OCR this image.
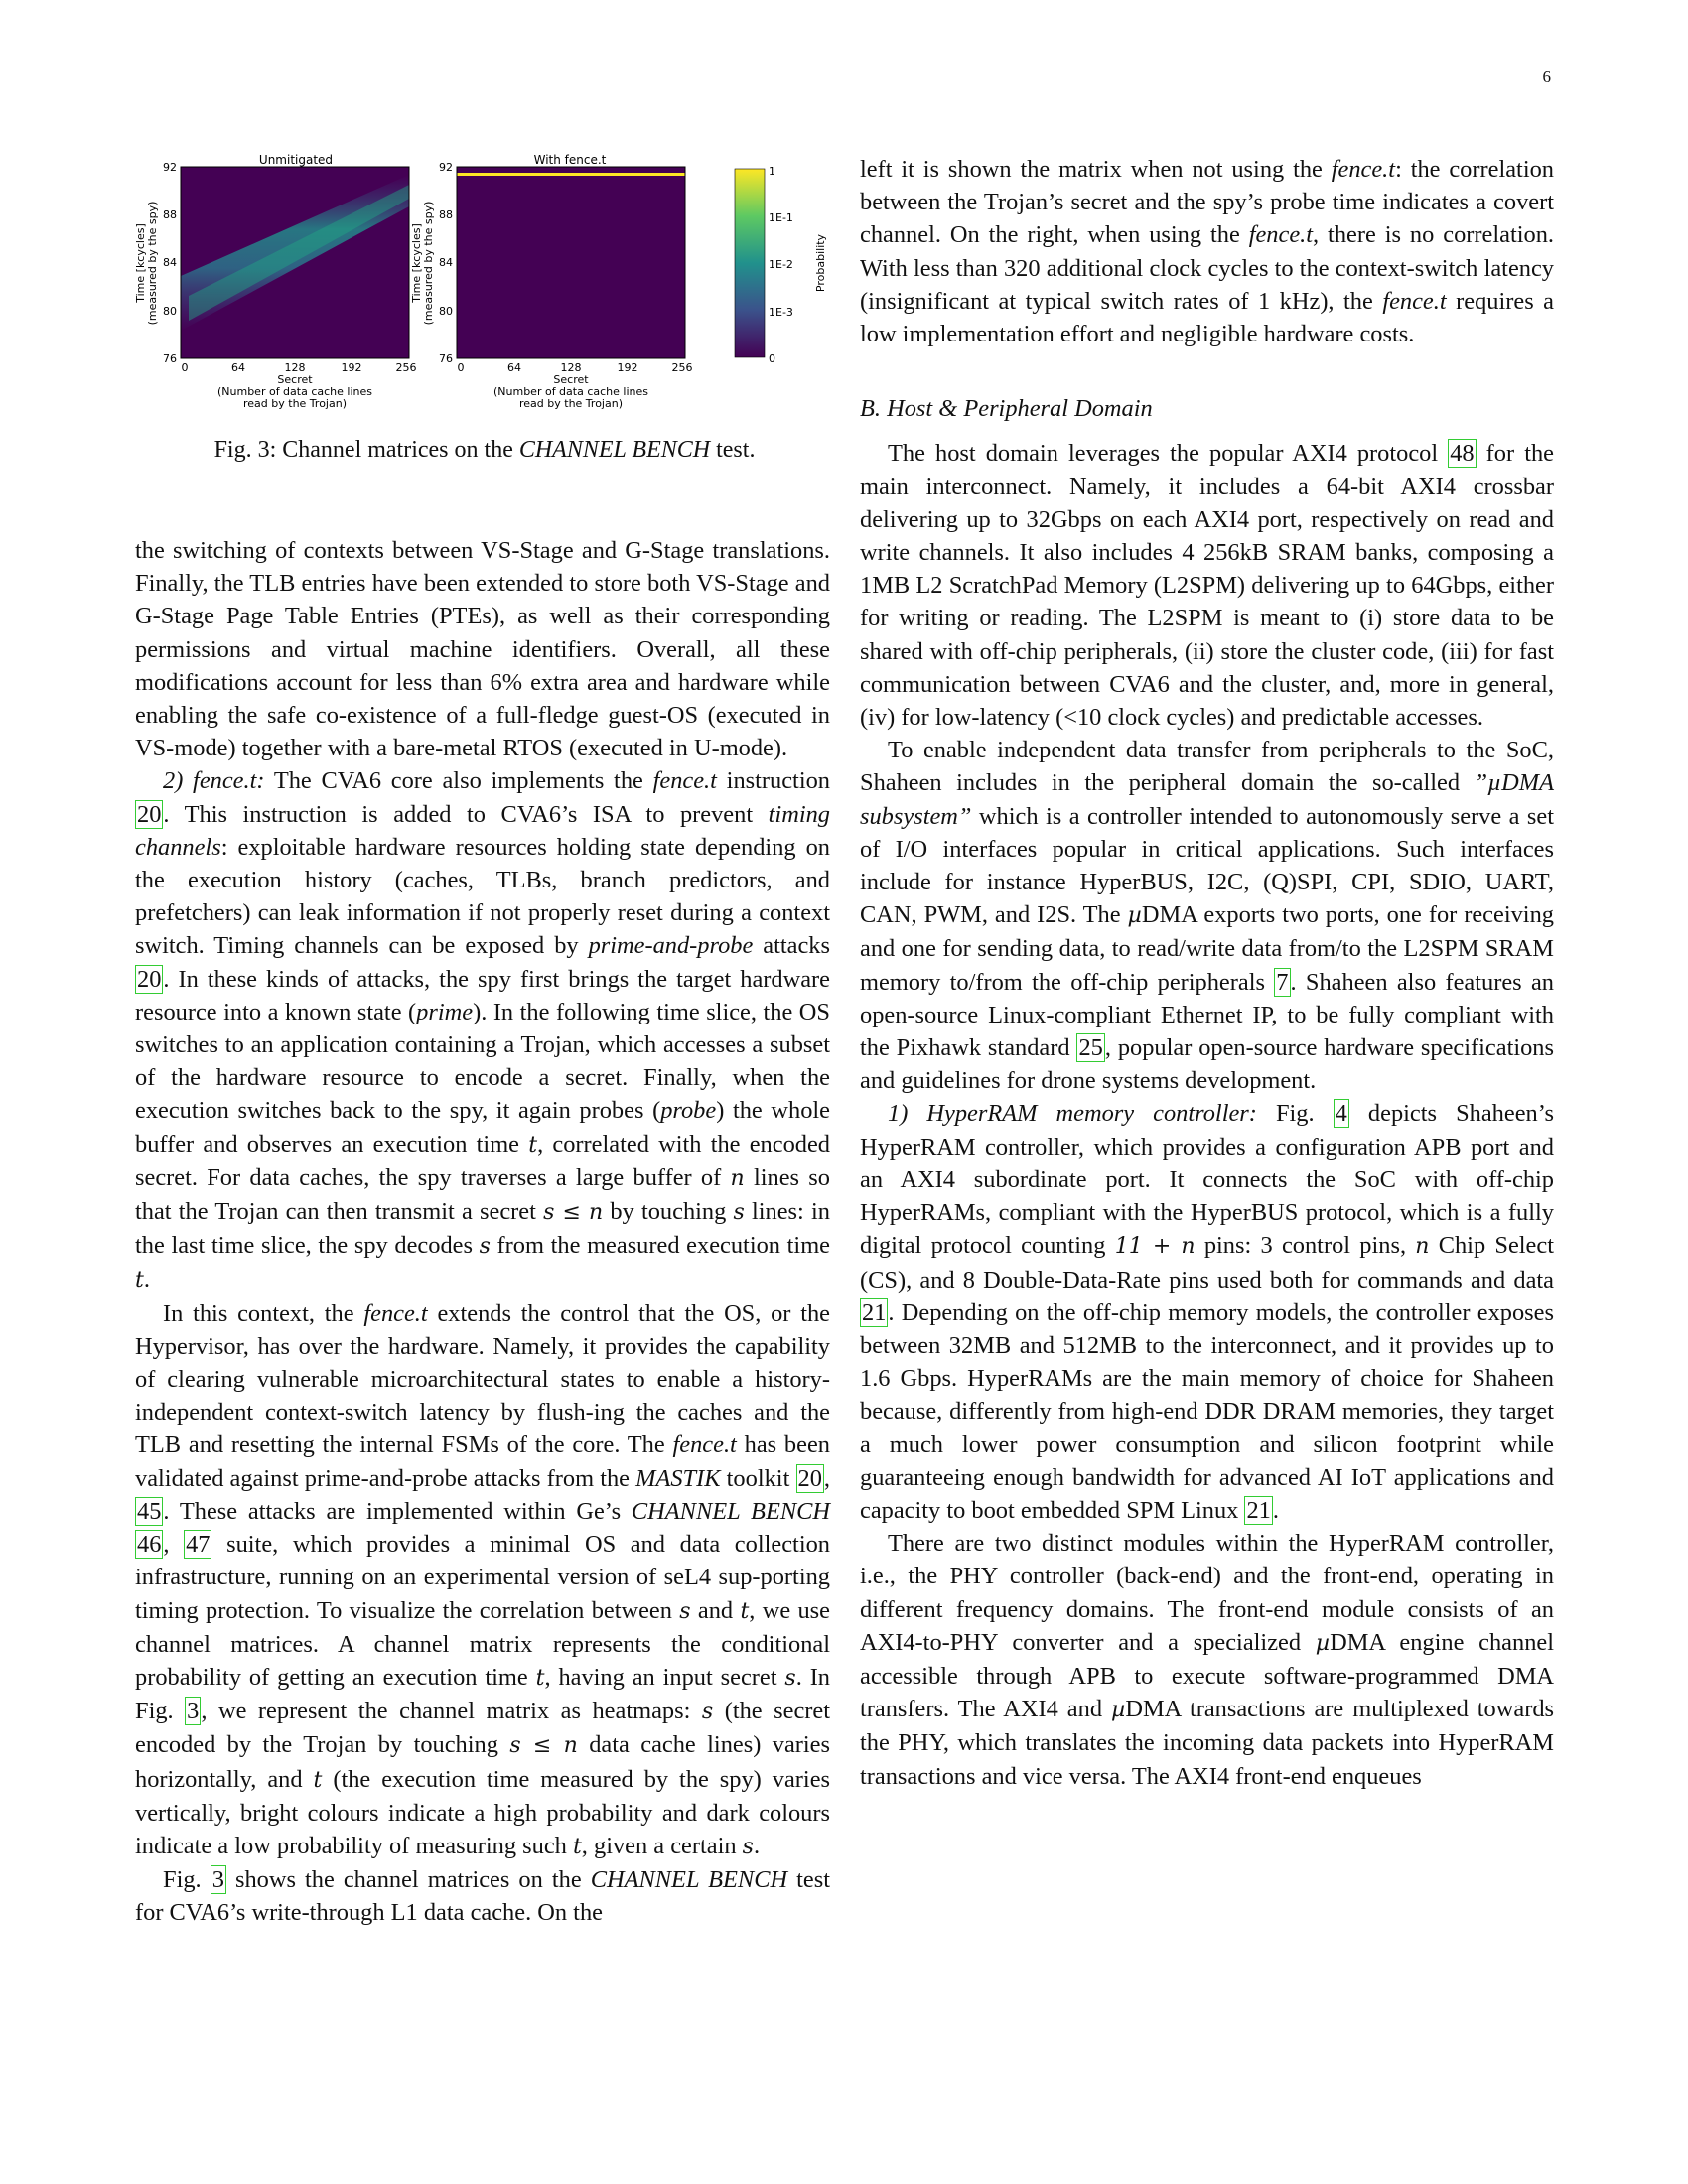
6
Unmitigated
92
88
84
80
76
0	64	128	192	256
Secret
(Number of data cache lines
read by the Trojan)
Time [kcycles] (measured by the spy)
With fence.t
92
88
84
80
76
0	64	128	192	256
Secret
(Number of data cache lines
read by the Trojan)
Time [kcycles] (measured by the spy)
1
1E-1
1E-2
1E-3
0
Probability
Fig. 3: Channel matrices on the CHANNEL BENCH test.

the switching of contexts between VS-Stage and G-Stage translations. Finally, the TLB entries have been extended to store both VS-Stage and G-Stage Page Table Entries (PTEs), as well as their corresponding permissions and virtual machine identifiers. Overall, all these modifications account for less than 6% extra area and hardware while enabling the safe co-existence of a full-fledge guest-OS (executed in VS-mode) together with a bare-metal RTOS (executed in U-mode).

2) fence.t: The CVA6 core also implements the fence.t instruction 20. This instruction is added to CVA6’s ISA to prevent timing channels: exploitable hardware resources holding state depending on the execution history (caches, TLBs, branch predictors, and prefetchers) can leak information if not properly reset during a context switch. Timing channels can be exposed by prime-and-probe attacks 20. In these kinds of attacks, the spy first brings the target hardware resource into a known state (prime). In the following time slice, the OS switches to an application containing a Trojan, which accesses a subset of the hardware resource to encode a secret. Finally, when the execution switches back to the spy, it again probes (probe) the whole buffer and observes an execution time t, correlated with the encoded secret. For data caches, the spy traverses a large buffer of n lines so that the Trojan can then transmit a secret s ≤ n by touching s lines: in the last time slice, the spy decodes s from the measured execution time t.

In this context, the fence.t extends the control that the OS, or the Hypervisor, has over the hardware. Namely, it provides the capability of clearing vulnerable microarchitectural states to enable a history-independent context-switch latency by flush-ing the caches and the TLB and resetting the internal FSMs of the core. The fence.t has been validated against prime-and-probe attacks from the MASTIK toolkit 20, 45. These attacks are implemented within Ge’s CHANNEL BENCH 46, 47 suite, which provides a minimal OS and data collection infrastructure, running on an experimental version of seL4 sup-porting timing protection. To visualize the correlation between s and t, we use channel matrices. A channel matrix represents the conditional probability of getting an execution time t, having an input secret s. In Fig. 3, we represent the channel matrix as heatmaps: s (the secret encoded by the Trojan by touching s ≤ n data cache lines) varies horizontally, and t (the execution time measured by the spy) varies vertically, bright colours indicate a high probability and dark colours indicate a low probability of measuring such t, given a certain s.

Fig. 3 shows the channel matrices on the CHANNEL BENCH test for CVA6’s write-through L1 data cache. On the

left it is shown the matrix when not using the fence.t: the correlation between the Trojan’s secret and the spy’s probe time indicates a covert channel. On the right, when using the fence.t, there is no correlation. With less than 320 additional clock cycles to the context-switch latency (insignificant at typical switch rates of 1 kHz), the fence.t requires a low implementation effort and negligible hardware costs.

B. Host & Peripheral Domain

The host domain leverages the popular AXI4 protocol 48 for the main interconnect. Namely, it includes a 64-bit AXI4 crossbar delivering up to 32Gbps on each AXI4 port, respectively on read and write channels. It also includes 4 256kB SRAM banks, composing a 1MB L2 ScratchPad Memory (L2SPM) delivering up to 64Gbps, either for writing or reading. The L2SPM is meant to (i) store data to be shared with off-chip peripherals, (ii) store the cluster code, (iii) for fast communication between CVA6 and the cluster, and, more in general, (iv) for low-latency (<10 clock cycles) and predictable accesses.

To enable independent data transfer from peripherals to the SoC, Shaheen includes in the peripheral domain the so-called ”µDMA subsystem” which is a controller intended to autonomously serve a set of I/O interfaces popular in critical applications. Such interfaces include for instance HyperBUS, I2C, (Q)SPI, CPI, SDIO, UART, CAN, PWM, and I2S. The µDMA exports two ports, one for receiving and one for sending data, to read/write data from/to the L2SPM SRAM memory to/from the off-chip peripherals 7. Shaheen also features an open-source Linux-compliant Ethernet IP, to be fully compliant with the Pixhawk standard 25, popular open-source hardware specifications and guidelines for drone systems development.

1) HyperRAM memory controller: Fig. 4 depicts Shaheen’s HyperRAM controller, which provides a configuration APB port and an AXI4 subordinate port. It connects the SoC with off-chip HyperRAMs, compliant with the HyperBUS protocol, which is a fully digital protocol counting 11 + n pins: 3 control pins, n Chip Select (CS), and 8 Double-Data-Rate pins used both for commands and data 21. Depending on the off-chip memory models, the controller exposes between 32MB and 512MB to the interconnect, and it provides up to 1.6 Gbps. HyperRAMs are the main memory of choice for Shaheen because, differently from high-end DDR DRAM memories, they target a much lower power consumption and silicon footprint while guaranteeing enough bandwidth for advanced AI IoT applications and capacity to boot embedded SPM Linux 21.

There are two distinct modules within the HyperRAM controller, i.e., the PHY controller (back-end) and the front-end, operating in different frequency domains. The front-end module consists of an AXI4-to-PHY converter and a specialized µDMA engine channel accessible through APB to execute software-programmed DMA transfers. The AXI4 and µDMA transactions are multiplexed towards the PHY, which translates the incoming data packets into HyperRAM transactions and vice versa. The AXI4 front-end enqueues
